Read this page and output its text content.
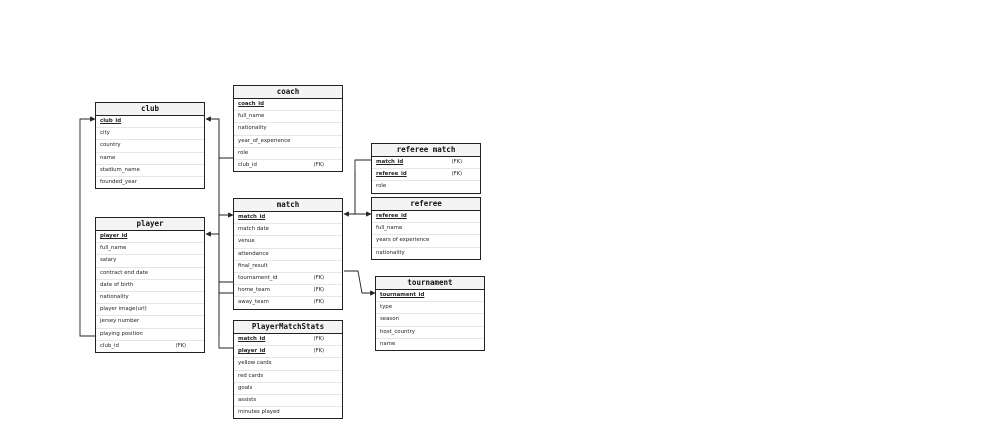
club
club_id
city
country
name
stadium_name
founded_year
coach
coach_id
full_name
nationality
year_of_experience
role
club_id	(FK)
player
player_id
full_name
salary
contract end date
date of birth
nationality
player image(url)
jersey number
playing position
club_id	(FK)
match
match_id
match date
venue
attendance
final_result
tournament_id	(FK)
home_team	(FK)
away_team	(FK)
PlayerMatchStats
match_id	(FK)
player_id	(FK)
yellow cards
red cards
goals
assists
minutes played
referee match
match_id	(FK)
referee_id	(FK)
role
referee
referee_id
full_name
years of experience
nationality
tournament
tournament_id
type
season
host_country
name
